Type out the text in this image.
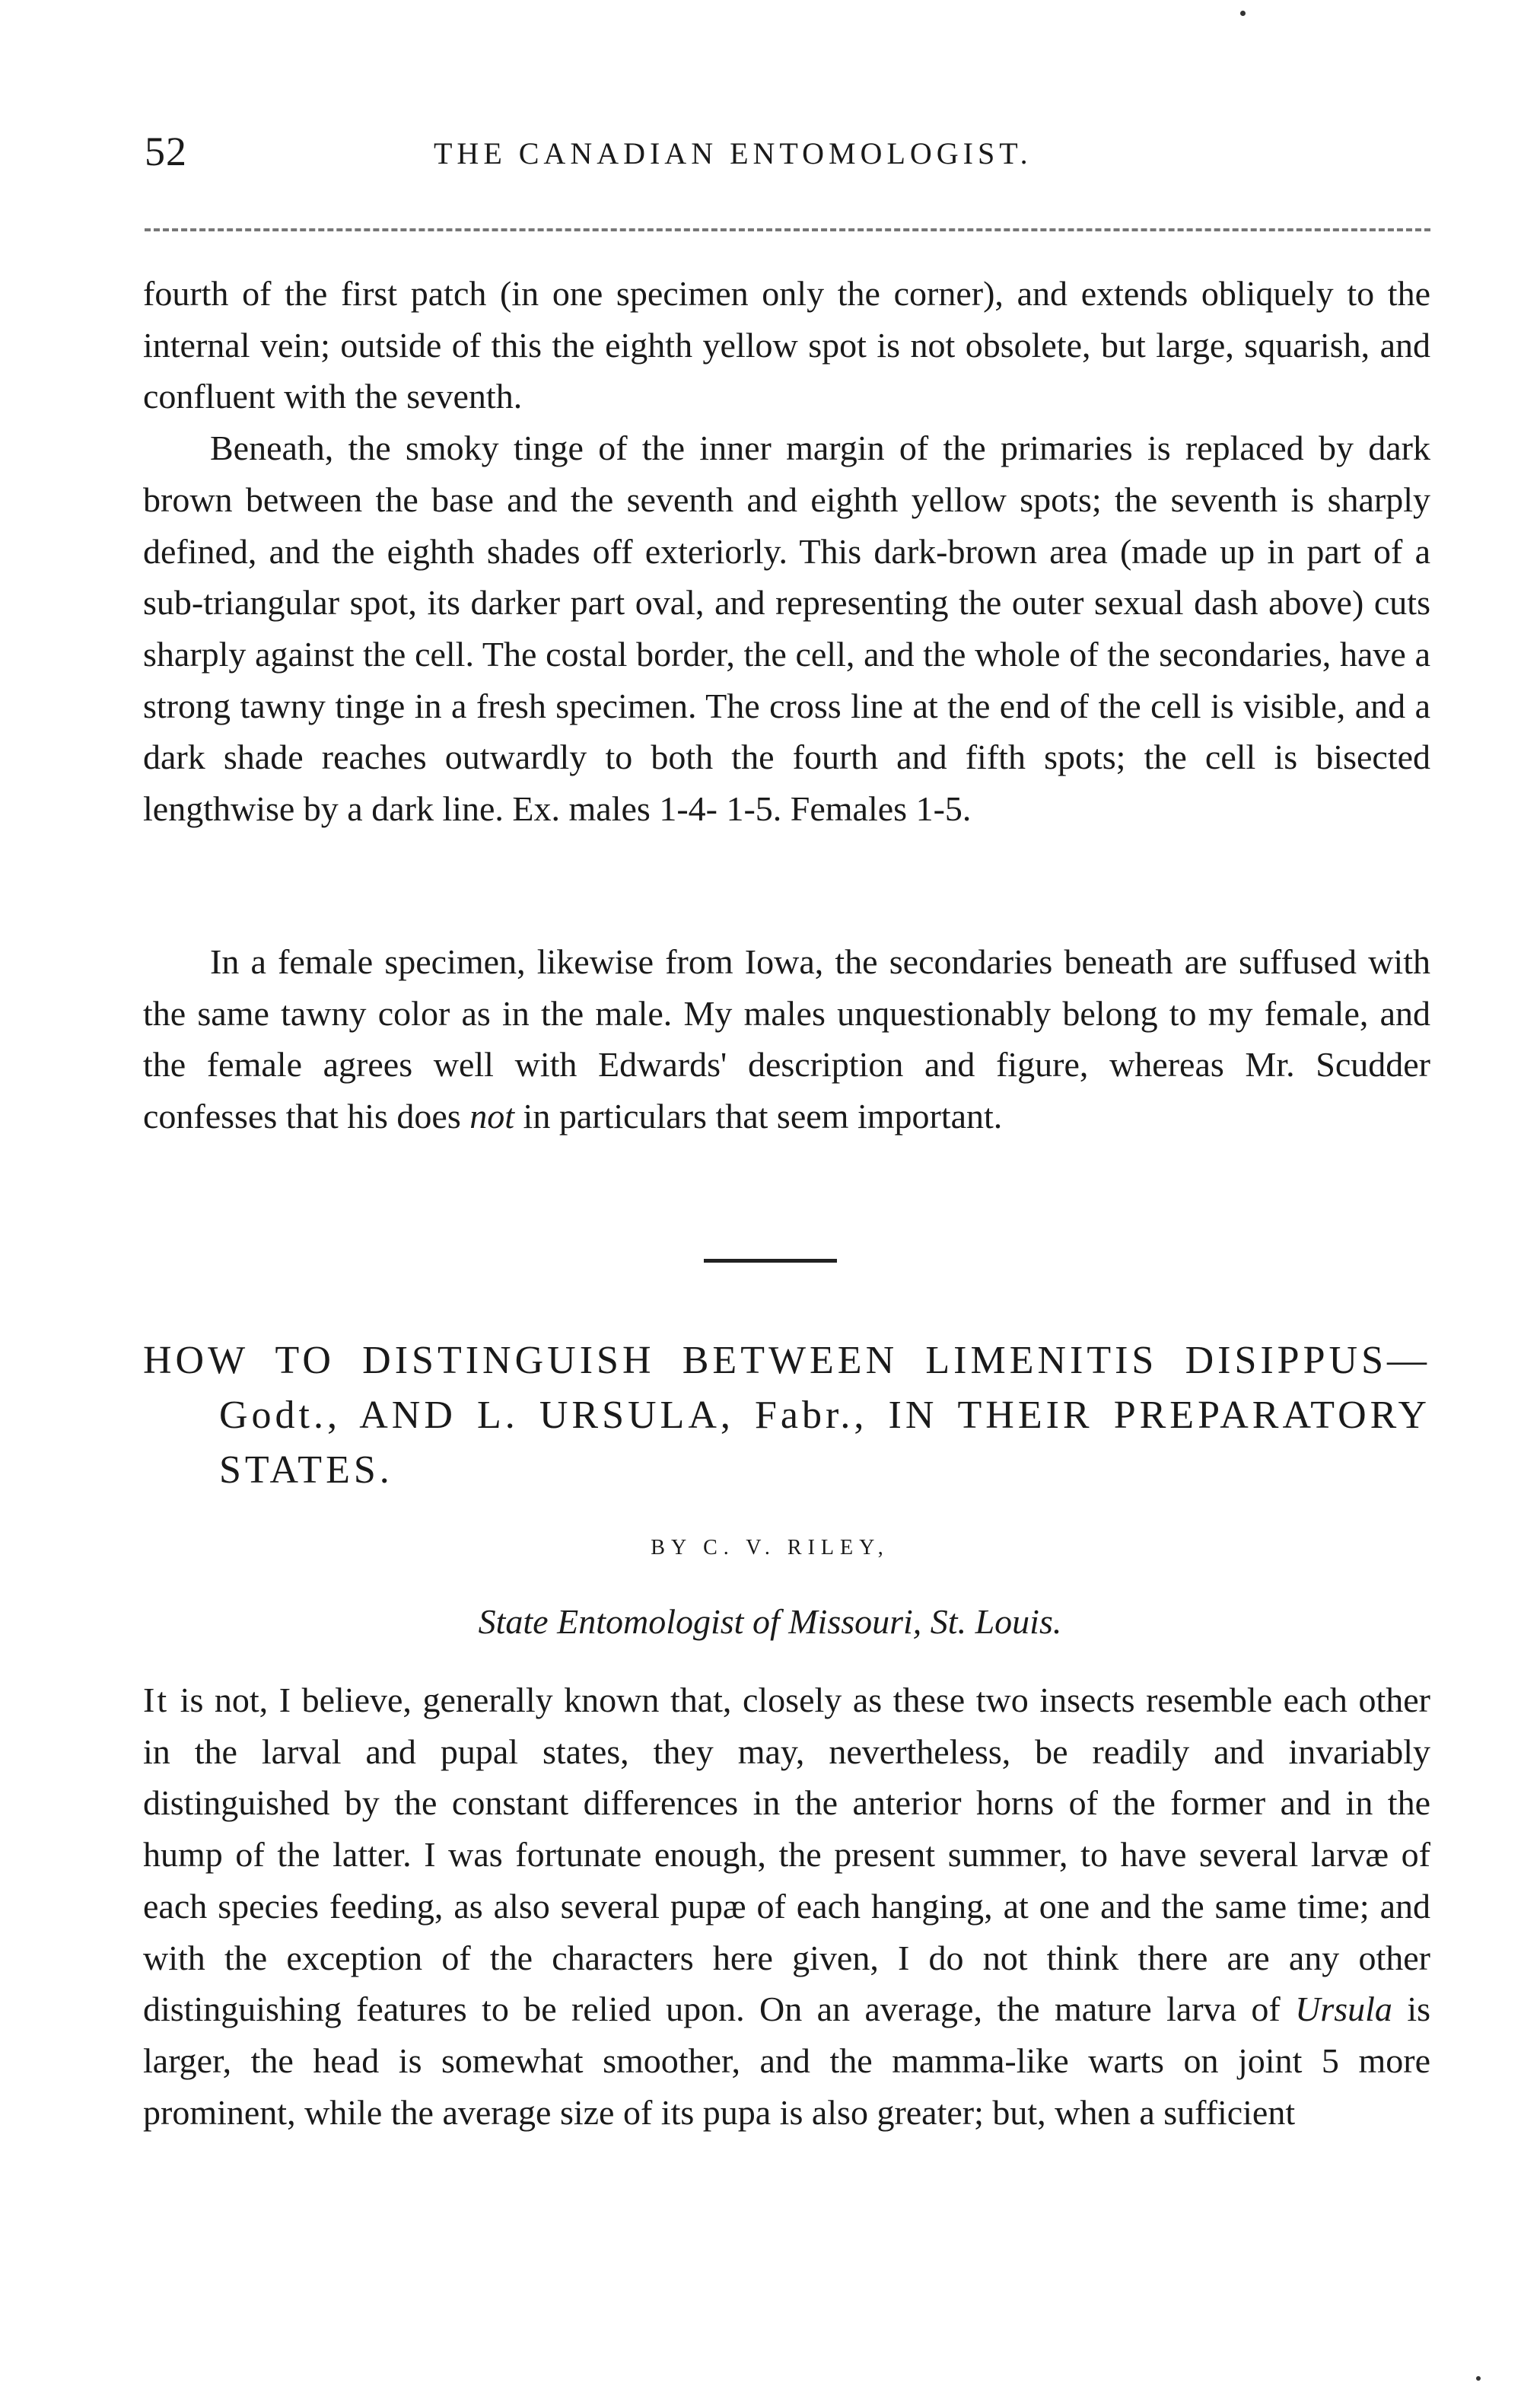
52	THE CANADIAN ENTOMOLOGIST.

fourth of the first patch (in one specimen only the corner), and extends obliquely to the internal vein; outside of this the eighth yellow spot is not obsolete, but large, squarish, and confluent with the seventh.

Beneath, the smoky tinge of the inner margin of the primaries is replaced by dark brown between the base and the seventh and eighth yellow spots; the seventh is sharply defined, and the eighth shades off exteriorly. This dark-brown area (made up in part of a sub-triangular spot, its darker part oval, and representing the outer sexual dash above) cuts sharply against the cell. The costal border, the cell, and the whole of the secondaries, have a strong tawny tinge in a fresh specimen. The cross line at the end of the cell is visible, and a dark shade reaches outwardly to both the fourth and fifth spots; the cell is bisected lengthwise by a dark line. Ex. males 1-4- 1-5. Females 1-5.

In a female specimen, likewise from Iowa, the secondaries beneath are suffused with the same tawny color as in the male. My males unquestionably belong to my female, and the female agrees well with Edwards' description and figure, whereas Mr. Scudder confesses that his does not in particulars that seem important.

HOW TO DISTINGUISH BETWEEN LIMENITIS DISIPPUS— Godt., AND L. URSULA, Fabr., IN THEIR PREPARATORY STATES.
BY C. V. RILEY,
State Entomologist of Missouri, St. Louis.

It is not, I believe, generally known that, closely as these two insects resemble each other in the larval and pupal states, they may, nevertheless, be readily and invariably distinguished by the constant differences in the anterior horns of the former and in the hump of the latter. I was fortunate enough, the present summer, to have several larvæ of each species feeding, as also several pupæ of each hanging, at one and the same time; and with the exception of the characters here given, I do not think there are any other distinguishing features to be relied upon. On an average, the mature larva of Ursula is larger, the head is somewhat smoother, and the mamma-like warts on joint 5 more prominent, while the average size of its pupa is also greater; but, when a sufficient
